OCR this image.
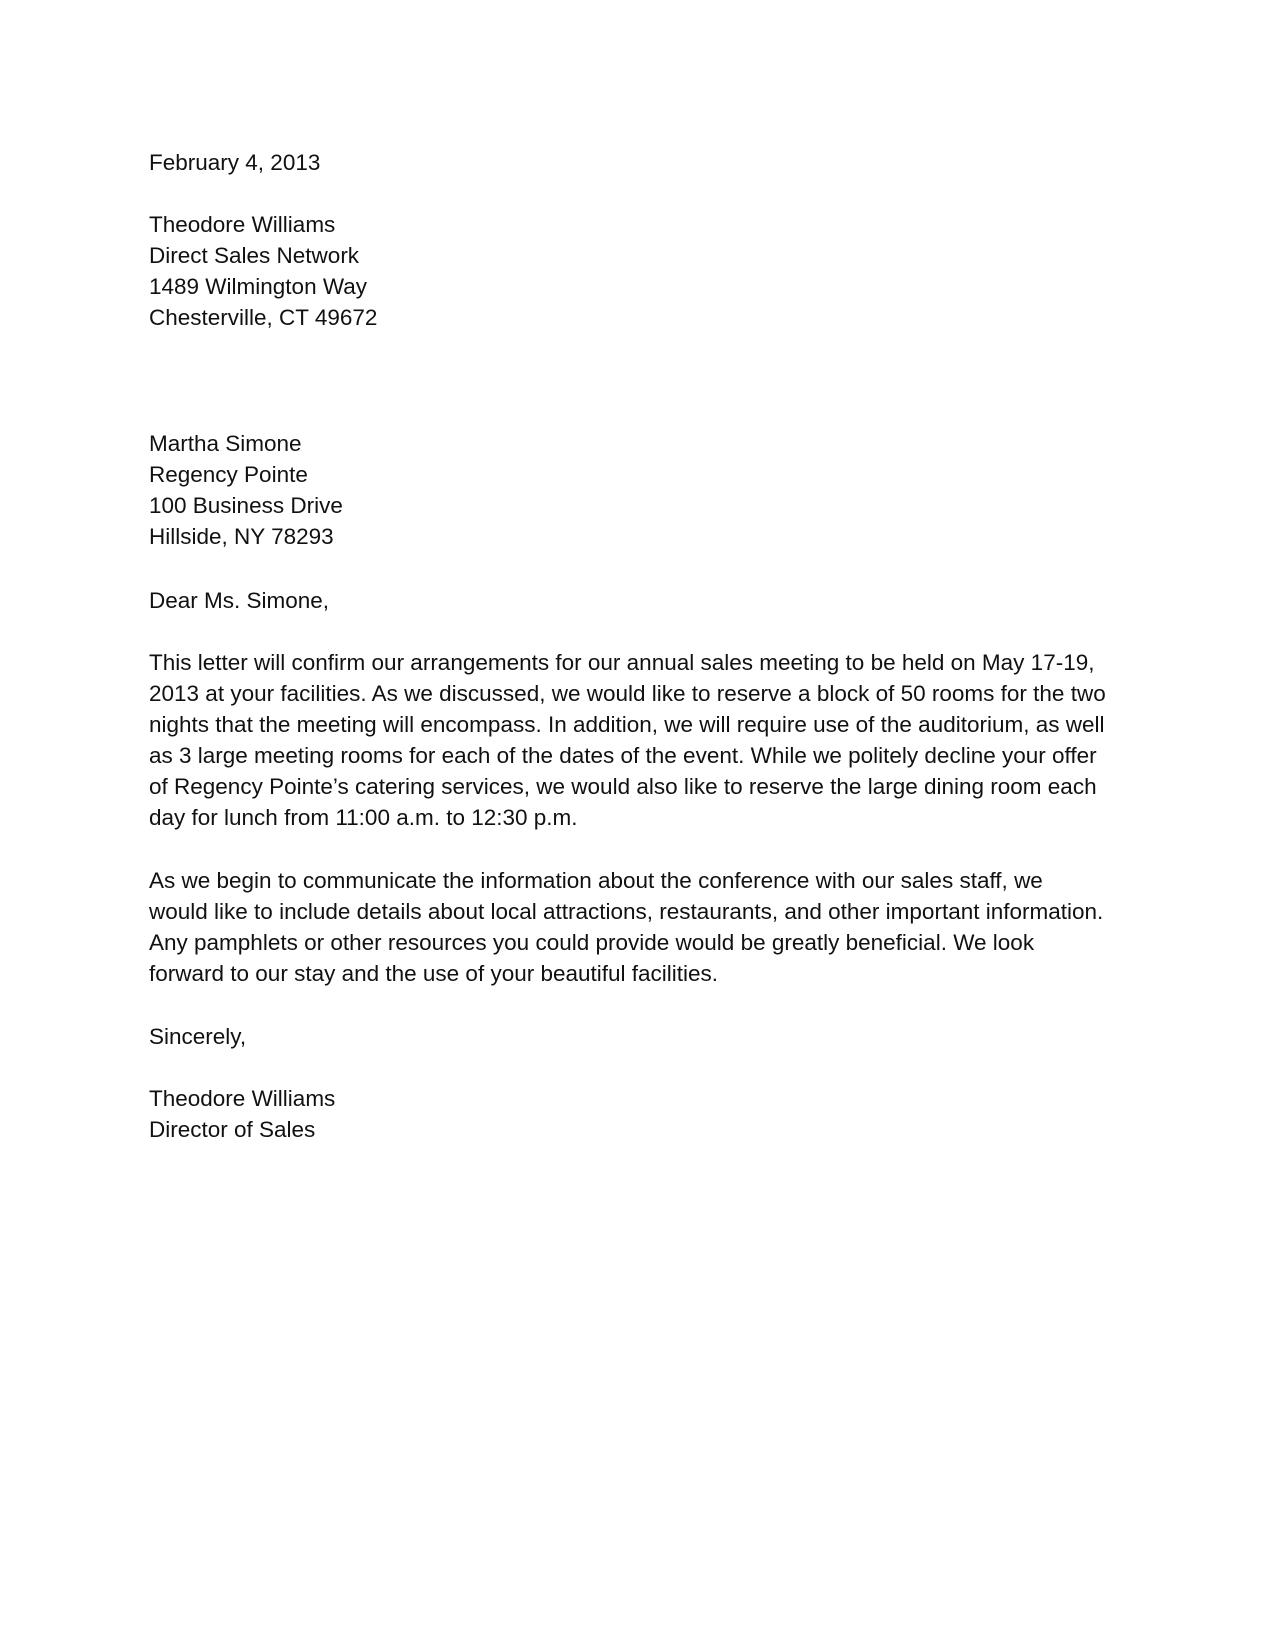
February 4, 2013
Theodore Williams
Direct Sales Network
1489 Wilmington Way
Chesterville, CT 49672
Martha Simone
Regency Pointe
100 Business Drive
Hillside, NY 78293
Dear Ms. Simone,
This letter will confirm our arrangements for our annual sales meeting to be held on May 17-19,
2013 at your facilities. As we discussed, we would like to reserve a block of 50 rooms for the two
nights that the meeting will encompass. In addition, we will require use of the auditorium, as well
as 3 large meeting rooms for each of the dates of the event. While we politely decline your offer
of Regency Pointe’s catering services, we would also like to reserve the large dining room each
day for lunch from 11:00 a.m. to 12:30 p.m.
As we begin to communicate the information about the conference with our sales staff, we
would like to include details about local attractions, restaurants, and other important information.
Any pamphlets or other resources you could provide would be greatly beneficial. We look
forward to our stay and the use of your beautiful facilities.
Sincerely,
Theodore Williams
Director of Sales
